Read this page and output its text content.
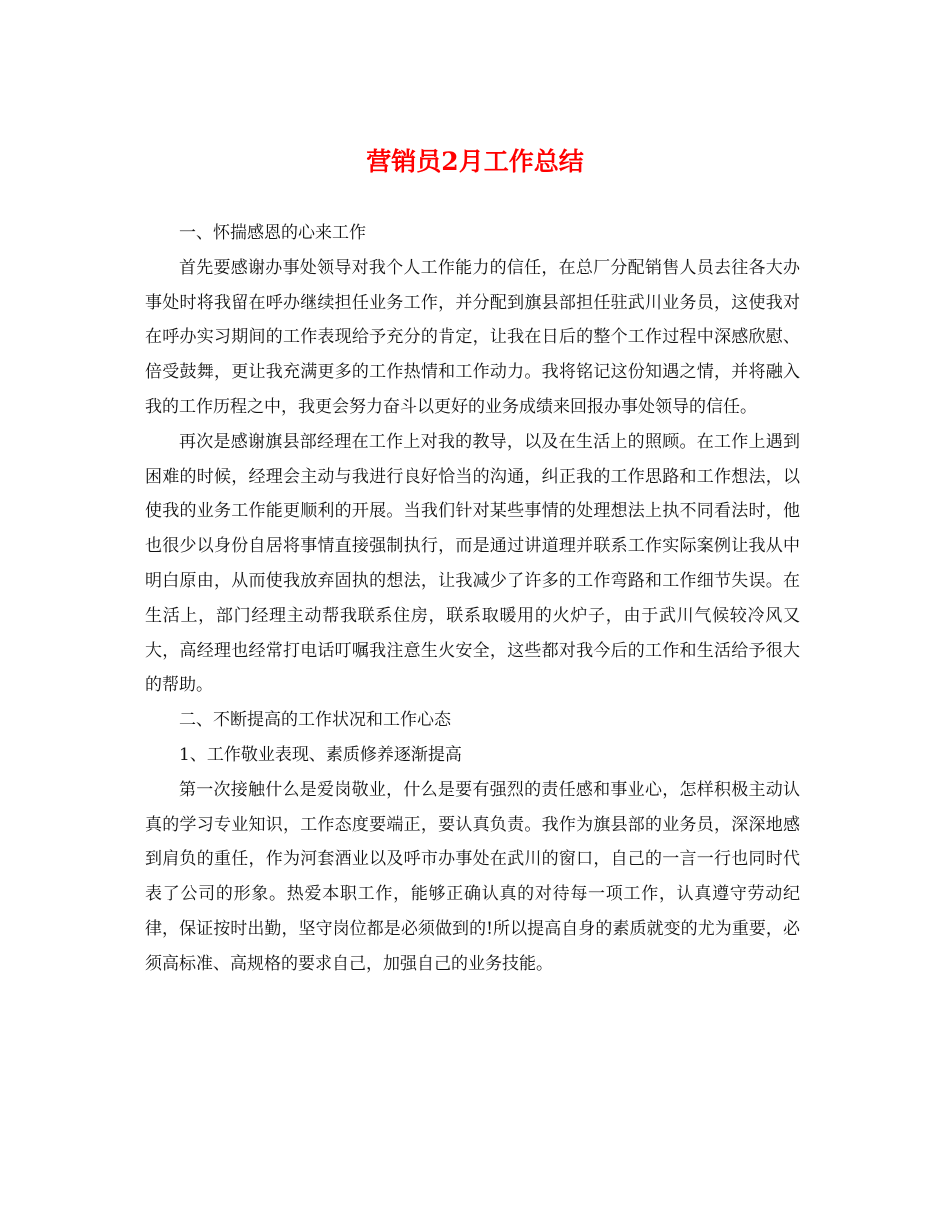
营销员2月工作总结

一、怀揣感恩的心来工作

首先要感谢办事处领导对我个人工作能力的信任，在总厂分配销售人员去往各大办事处时将我留在呼办继续担任业务工作，并分配到旗县部担任驻武川业务员，这使我对在呼办实习期间的工作表现给予充分的肯定，让我在日后的整个工作过程中深感欣慰、倍受鼓舞，更让我充满更多的工作热情和工作动力。我将铭记这份知遇之情，并将融入我的工作历程之中，我更会努力奋斗以更好的业务成绩来回报办事处领导的信任。

再次是感谢旗县部经理在工作上对我的教导，以及在生活上的照顾。在工作上遇到困难的时候，经理会主动与我进行良好恰当的沟通，纠正我的工作思路和工作想法，以使我的业务工作能更顺利的开展。当我们针对某些事情的处理想法上执不同看法时，他也很少以身份自居将事情直接强制执行，而是通过讲道理并联系工作实际案例让我从中明白原由，从而使我放弃固执的想法，让我减少了许多的工作弯路和工作细节失误。在生活上，部门经理主动帮我联系住房，联系取暖用的火炉子，由于武川气候较冷风又大，高经理也经常打电话叮嘱我注意生火安全，这些都对我今后的工作和生活给予很大的帮助。

二、不断提高的工作状况和工作心态

1、工作敬业表现、素质修养逐渐提高

第一次接触什么是爱岗敬业，什么是要有强烈的责任感和事业心，怎样积极主动认真的学习专业知识，工作态度要端正，要认真负责。我作为旗县部的业务员，深深地感到肩负的重任，作为河套酒业以及呼市办事处在武川的窗口，自己的一言一行也同时代表了公司的形象。热爱本职工作，能够正确认真的对待每一项工作，认真遵守劳动纪律，保证按时出勤，坚守岗位都是必须做到的!所以提高自身的素质就变的尤为重要，必须高标准、高规格的要求自己，加强自己的业务技能。
